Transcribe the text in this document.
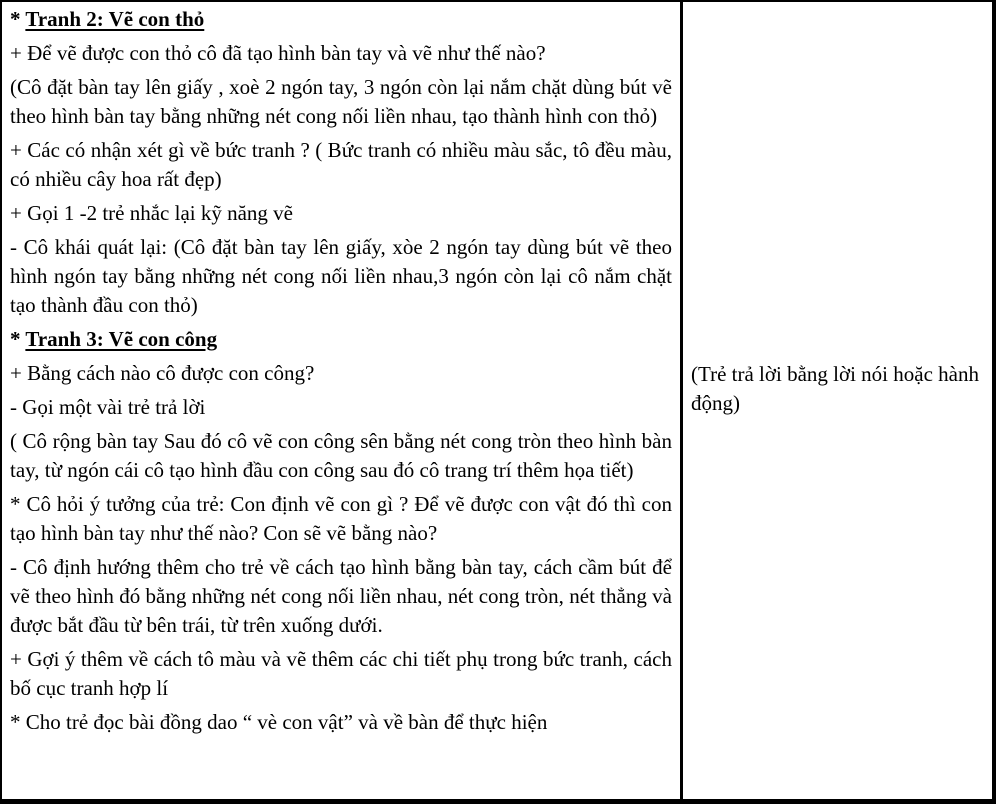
* Tranh 2: Vẽ con thỏ
+ Để vẽ được con thỏ cô đã tạo hình bàn tay và vẽ như thế nào?
(Cô đặt bàn tay lên giấy , xoè 2 ngón tay, 3 ngón còn lại nắm chặt dùng bút vẽ theo hình bàn tay bằng những nét cong nối liền nhau, tạo thành hình con thỏ)
+ Các có nhận xét gì về bức tranh ? ( Bức tranh có nhiều màu sắc, tô đều màu, có nhiều cây hoa rất đẹp)
+ Gọi 1 -2 trẻ nhắc lại kỹ năng vẽ
- Cô khái quát lại: (Cô đặt bàn tay lên giấy, xòe 2 ngón tay dùng bút vẽ theo hình ngón tay bằng những nét cong nối liền nhau,3 ngón còn lại cô nắm chặt tạo thành đầu con thỏ)
* Tranh 3: Vẽ con công
+ Bằng cách nào cô được con công?
- Gọi một vài trẻ trả lời
( Cô rộng bàn tay Sau đó cô vẽ con công sên bằng nét cong tròn theo hình bàn tay, từ ngón cái cô tạo hình đầu con công sau đó cô trang trí thêm họa tiết)
* Cô hỏi ý tưởng của trẻ: Con định vẽ con gì ? Để vẽ được con vật đó thì con tạo hình bàn tay như thế nào? Con sẽ vẽ bằng nào?
- Cô định hướng thêm cho trẻ về cách tạo hình bằng bàn tay, cách cầm bút để vẽ theo hình đó bằng những nét cong nối liền nhau, nét cong tròn, nét thẳng và được bắt đầu từ bên trái, từ trên xuống dưới.
+ Gợi ý thêm về cách tô màu và vẽ thêm các chi tiết phụ trong bức tranh, cách bố cục tranh hợp lí
* Cho trẻ đọc bài đồng dao “ vè con vật” và về bàn để thực hiện
(Trẻ trả lời bằng lời nói hoặc hành động)
